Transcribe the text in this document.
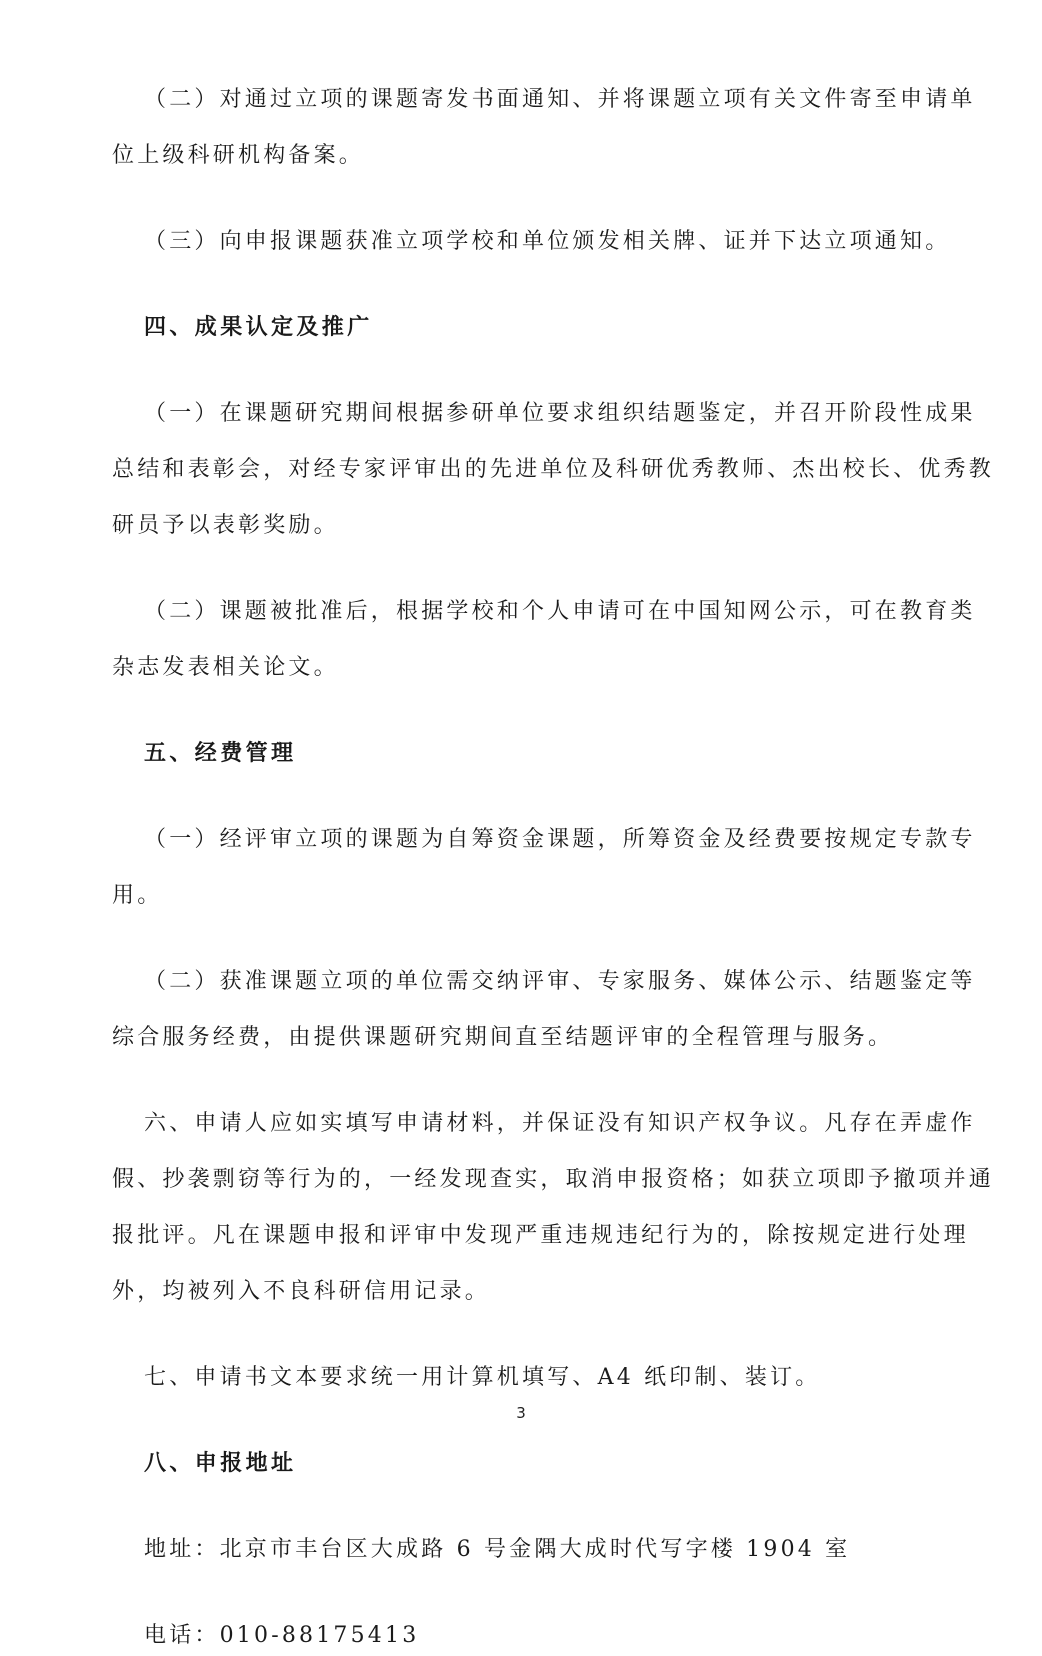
（二）对通过立项的课题寄发书面通知、并将课题立项有关文件寄至申请单
位上级科研机构备案。
（三）向申报课题获准立项学校和单位颁发相关牌、证并下达立项通知。
四、成果认定及推广
（一）在课题研究期间根据参研单位要求组织结题鉴定，并召开阶段性成果
总结和表彰会，对经专家评审出的先进单位及科研优秀教师、杰出校长、优秀教
研员予以表彰奖励。
（二）课题被批准后，根据学校和个人申请可在中国知网公示，可在教育类
杂志发表相关论文。
五、经费管理
（一）经评审立项的课题为自筹资金课题，所筹资金及经费要按规定专款专
用。
（二）获准课题立项的单位需交纳评审、专家服务、媒体公示、结题鉴定等
综合服务经费，由提供课题研究期间直至结题评审的全程管理与服务。
六、申请人应如实填写申请材料，并保证没有知识产权争议。凡存在弄虚作
假、抄袭剽窃等行为的，一经发现查实，取消申报资格；如获立项即予撤项并通
报批评。凡在课题申报和评审中发现严重违规违纪行为的，除按规定进行处理
外，均被列入不良科研信用记录。
七、申请书文本要求统一用计算机填写、A4 纸印制、装订。
八、申报地址
地址：北京市丰台区大成路 6 号金隅大成时代写字楼 1904 室
电话：010-88175413
3
